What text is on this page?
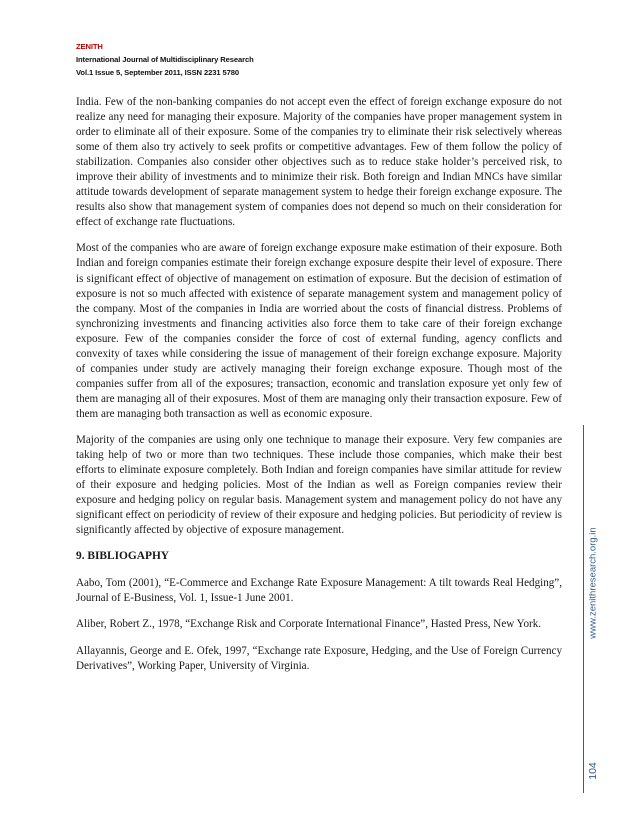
ZENITH
International Journal of Multidisciplinary Research
Vol.1 Issue 5, September 2011, ISSN 2231 5780

India. Few of the non-banking companies do not accept even the effect of foreign exchange exposure do not realize any need for managing their exposure. Majority of the companies have proper management system in order to eliminate all of their exposure. Some of the companies try to eliminate their risk selectively whereas some of them also try actively to seek profits or competitive advantages. Few of them follow the policy of stabilization. Companies also consider other objectives such as to reduce stake holder’s perceived risk, to improve their ability of investments and to minimize their risk. Both foreign and Indian MNCs have similar attitude towards development of separate management system to hedge their foreign exchange exposure. The results also show that management system of companies does not depend so much on their consideration for effect of exchange rate fluctuations.

Most of the companies who are aware of foreign exchange exposure make estimation of their exposure. Both Indian and foreign companies estimate their foreign exchange exposure despite their level of exposure. There is significant effect of objective of management on estimation of exposure. But the decision of estimation of exposure is not so much affected with existence of separate management system and management policy of the company. Most of the companies in India are worried about the costs of financial distress. Problems of synchronizing investments and financing activities also force them to take care of their foreign exchange exposure. Few of the companies consider the force of cost of external funding, agency conflicts and convexity of taxes while considering the issue of management of their foreign exchange exposure. Majority of companies under study are actively managing their foreign exchange exposure. Though most of the companies suffer from all of the exposures; transaction, economic and translation exposure yet only few of them are managing all of their exposures. Most of them are managing only their transaction exposure. Few of them are managing both transaction as well as economic exposure.

Majority of the companies are using only one technique to manage their exposure. Very few companies are taking help of two or more than two techniques. These include those companies, which make their best efforts to eliminate exposure completely. Both Indian and foreign companies have similar attitude for review of their exposure and hedging policies. Most of the Indian as well as Foreign companies review their exposure and hedging policy on regular basis. Management system and management policy do not have any significant effect on periodicity of review of their exposure and hedging policies. But periodicity of review is significantly affected by objective of exposure management.

9. BIBLIOGAPHY

Aabo, Tom (2001), “E-Commerce and Exchange Rate Exposure Management: A tilt towards Real Hedging”, Journal of E-Business, Vol. 1, Issue-1 June 2001.

Aliber, Robert Z., 1978, “Exchange Risk and Corporate International Finance”, Hasted Press, New York.

Allayannis, George and E. Ofek, 1997, “Exchange rate Exposure, Hedging, and the Use of Foreign Currency Derivatives”, Working Paper, University of Virginia.

www.zenithresearch.org.in
104
